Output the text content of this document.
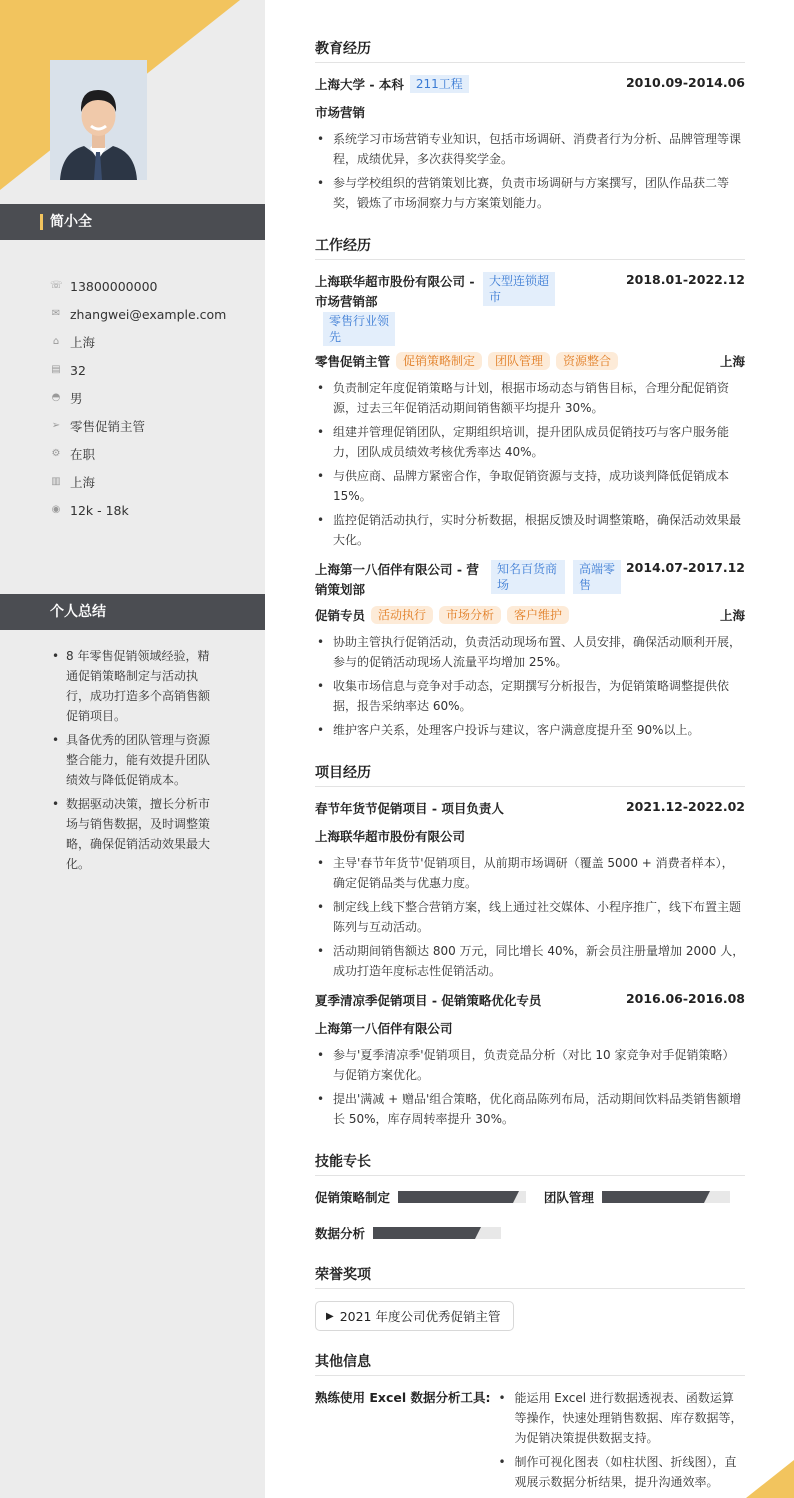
简小全
☏ 13800000000
✉ zhangwei@example.com
⌂ 上海
▤ 32
◓ 男
➢ 零售促销主管
⚙ 在职
▥ 上海
◉ 12k - 18k
个人总结
• 8 年零售促销领域经验，精通促销策略制定与活动执行，成功打造多个高销售额促销项目。
• 具备优秀的团队管理与资源整合能力，能有效提升团队绩效与降低促销成本。
• 数据驱动决策，擅长分析市场与销售数据，及时调整策略，确保促销活动效果最大化。
教育经历
上海大学 - 本科	211工程	2010.09-2014.06
市场营销
• 系统学习市场营销专业知识，包括市场调研、消费者行为分析、品牌管理等课程，成绩优异，多次获得奖学金。
• 参与学校组织的营销策划比赛，负责市场调研与方案撰写，团队作品获二等奖，锻炼了市场洞察力与方案策划能力。
工作经历
上海联华超市股份有限公司 - 市场营销部
大型连锁超市
零售行业领先
2018.01-2022.12
零售促销主管	促销策略制定	团队管理	资源整合	上海
• 负责制定年度促销策略与计划，根据市场动态与销售目标，合理分配促销资源，过去三年促销活动期间销售额平均提升 30%。
• 组建并管理促销团队，定期组织培训，提升团队成员促销技巧与客户服务能力，团队成员绩效考核优秀率达 40%。
• 与供应商、品牌方紧密合作，争取促销资源与支持，成功谈判降低促销成本 15%。
• 监控促销活动执行，实时分析数据，根据反馈及时调整策略，确保活动效果最大化。
上海第一八佰伴有限公司 - 营销策划部
知名百货商场
高端零售
2014.07-2017.12
促销专员	活动执行	市场分析	客户维护	上海
• 协助主管执行促销活动，负责活动现场布置、人员安排，确保活动顺利开展，参与的促销活动现场人流量平均增加 25%。
• 收集市场信息与竞争对手动态，定期撰写分析报告，为促销策略调整提供依据，报告采纳率达 60%。
• 维护客户关系，处理客户投诉与建议，客户满意度提升至 90%以上。
项目经历
春节年货节促销项目 - 项目负责人	2021.12-2022.02
上海联华超市股份有限公司
• 主导'春节年货节'促销项目，从前期市场调研（覆盖 5000 + 消费者样本），确定促销品类与优惠力度。
• 制定线上线下整合营销方案，线上通过社交媒体、小程序推广，线下布置主题陈列与互动活动。
• 活动期间销售额达 800 万元，同比增长 40%，新会员注册量增加 2000 人，成功打造年度标志性促销活动。
夏季清凉季促销项目 - 促销策略优化专员	2016.06-2016.08
上海第一八佰伴有限公司
• 参与'夏季清凉季'促销项目，负责竞品分析（对比 10 家竞争对手促销策略）与促销方案优化。
• 提出'满减 + 赠品'组合策略，优化商品陈列布局，活动期间饮料品类销售额增长 50%，库存周转率提升 30%。
技能专长
促销策略制定
	团队管理
数据分析
荣誉奖项
▶ 2021 年度公司优秀促销主管
其他信息
熟练使用 Excel 数据分析工具:
•	能运用 Excel 进行数据透视表、函数运算等操作，快速处理销售数据、库存数据等，为促销决策提供数据支持。
• 制作可视化图表（如柱状图、折线图），直观展示数据分析结果，提升沟通效率。
